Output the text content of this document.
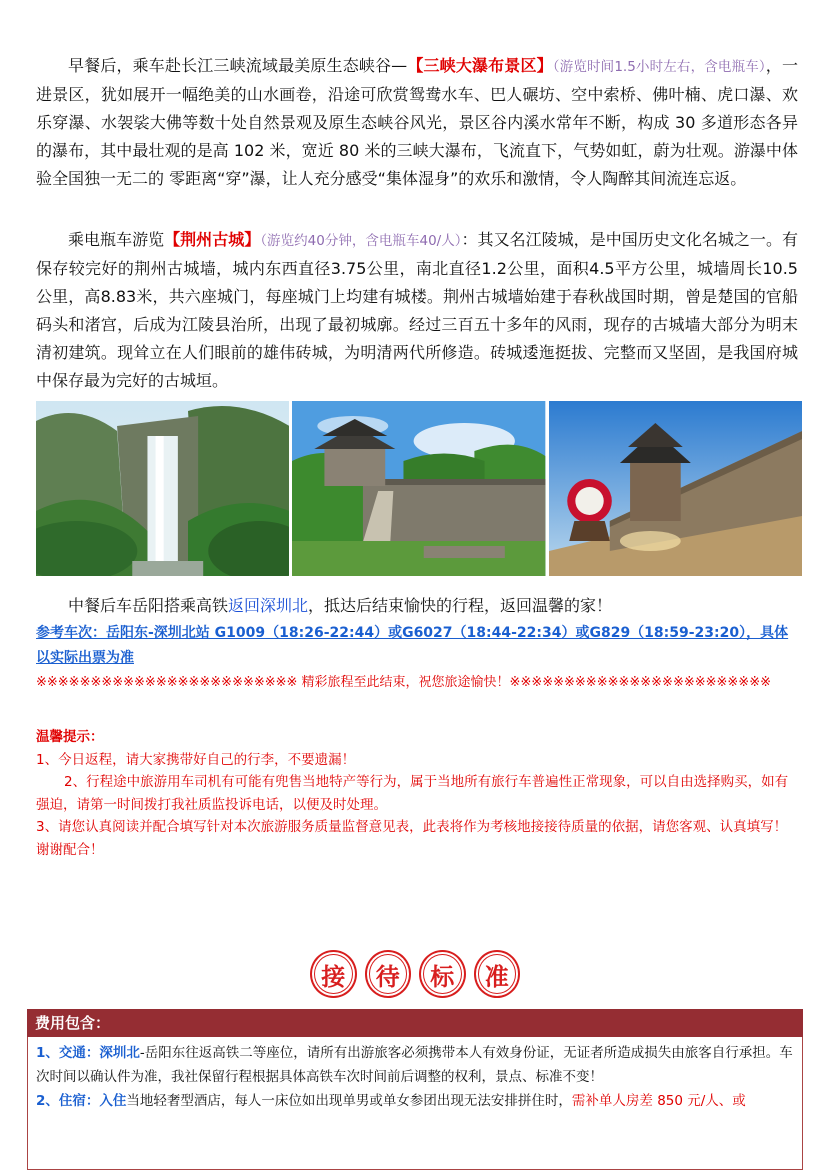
早餐后，乘车赴长江三峡流域最美原生态峡谷—【三峡大瀑布景区】（游览时间1.5小时左右，含电瓶车），一进景区，犹如展开一幅绝美的山水画卷，沿途可欣赏鸳鸯水车、巴人碾坊、空中索桥、佛叶楠、虎口瀑、欢乐穿瀑、水袈裟大佛等数十处自然景观及原生态峡谷风光，景区谷内溪水常年不断，构成 30 多道形态各异的瀑布，其中最壮观的是高 102 米，宽近 80 米的三峡大瀑布，飞流直下，气势如虹，蔚为壮观。游瀑中体验全国独一无二的 零距离“穿”瀑，让人充分感受“集体湿身”的欢乐和激情，令人陶醉其间流连忘返。
乘电瓶车游览【荆州古城】（游览约40分钟，含电瓶车40/人）：其又名江陵城，是中国历史文化名城之一。有保存较完好的荆州古城墙，城内东西直径3.75公里，南北直径1.2公里，面积4.5平方公里，城墙周长10.5公里，高8.83米，共六座城门，每座城门上均建有城楼。荆州古城墙始建于春秋战国时期，曾是楚国的官船码头和渚宫，后成为江陵县治所，出现了最初城廓。经过三百五十多年的风雨，现存的古城墙大部分为明末清初建筑。现耸立在人们眼前的雄伟砖城，为明清两代所修造。砖城逶迤挺拔、完整而又坚固，是我国府城中保存最为完好的古城垣。
中餐后车岳阳搭乘高铁返回深圳北，抵达后结束愉快的行程，返回温馨的家！
参考车次：岳阳东-深圳北站 G1009（18:26-22:44）或G6027（18:44-22:34）或G829（18:59-23:20），具体以实际出票为准
※※※※※※※※※※※※※※※※※※※※※※※※ 精彩旅程至此结束，祝您旅途愉快！※※※※※※※※※※※※※※※※※※※※※※※※
温馨提示：
1、今日返程，请大家携带好自己的行李，不要遗漏！
2、行程途中旅游用车司机有可能有兜售当地特产等行为，属于当地所有旅行车普遍性正常现象，可以自由选择购买，如有强迫，请第一时间拨打我社质监投诉电话，以便及时处理。
3、请您认真阅读并配合填写针对本次旅游服务质量监督意见表，此表将作为考核地接接待质量的依据，请您客观、认真填写！谢谢配合！
接	待	标	准
费用包含：
1、交通：深圳北-岳阳东往返高铁二等座位，请所有出游旅客必须携带本人有效身份证，无证者所造成损失由旅客自行承担。车次时间以确认件为准，我社保留行程根据具体高铁车次时间前后调整的权利，景点、标准不变！
2、住宿：入住当地轻奢型酒店，每人一床位如出现单男或单女参团出现无法安排拼住时，需补单人房差 850 元/人、或
